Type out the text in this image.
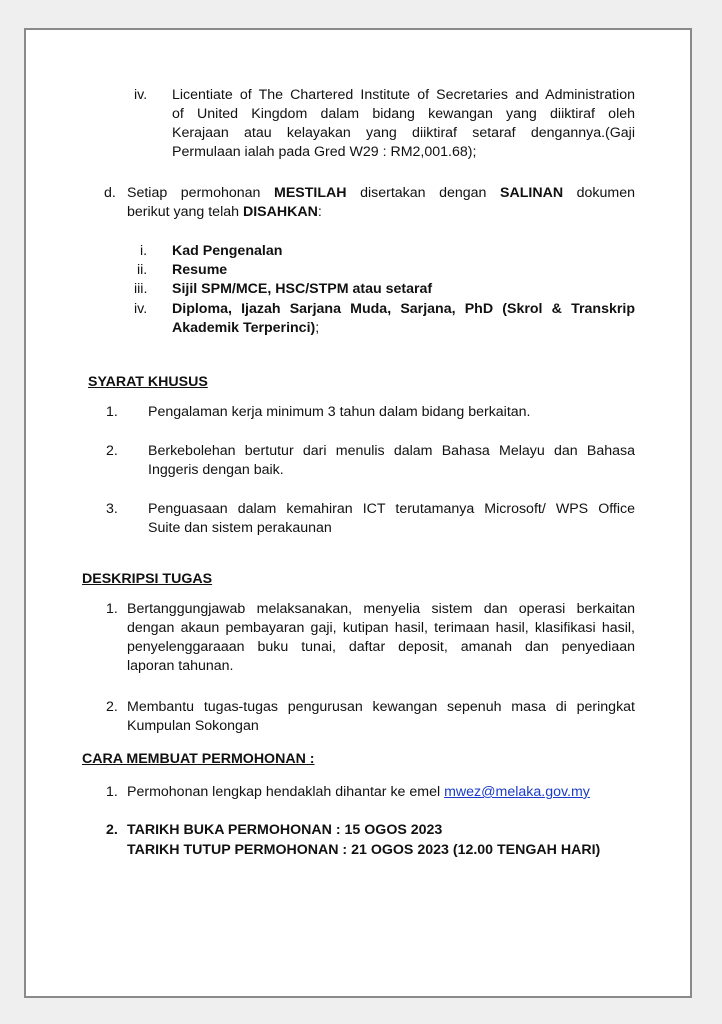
iv. Licentiate of The Chartered Institute of Secretaries and Administration
of United Kingdom dalam bidang kewangan yang diiktiraf oleh
Kerajaan atau kelayakan yang diiktiraf setaraf dengannya.(Gaji
Permulaan ialah pada Gred W29 : RM2,001.68);
d. Setiap permohonan MESTILAH disertakan dengan SALINAN dokumen
berikut yang telah DISAHKAN:
i. Kad Pengenalan
ii. Resume
iii. Sijil SPM/MCE, HSC/STPM atau setaraf
iv. Diploma, Ijazah Sarjana Muda, Sarjana, PhD (Skrol & Transkrip
Akademik Terperinci);
SYARAT KHUSUS
1. Pengalaman kerja minimum 3 tahun dalam bidang berkaitan.
2. Berkebolehan bertutur dari menulis dalam Bahasa Melayu dan Bahasa
Inggeris dengan baik.
3. Penguasaan dalam kemahiran ICT terutamanya Microsoft/ WPS Office
Suite dan sistem perakaunan
DESKRIPSI TUGAS
1. Bertanggungjawab melaksanakan, menyelia sistem dan operasi berkaitan
dengan akaun pembayaran gaji, kutipan hasil, terimaan hasil, klasifikasi hasil,
penyelenggaraaan buku tunai, daftar deposit, amanah dan penyediaan
laporan tahunan.
2. Membantu tugas-tugas pengurusan kewangan sepenuh masa di peringkat
Kumpulan Sokongan
CARA MEMBUAT PERMOHONAN :
1. Permohonan lengkap hendaklah dihantar ke emel mwez@melaka.gov.my
2. TARIKH BUKA PERMOHONAN : 15 OGOS 2023
TARIKH TUTUP PERMOHONAN : 21 OGOS 2023 (12.00 TENGAH HARI)
